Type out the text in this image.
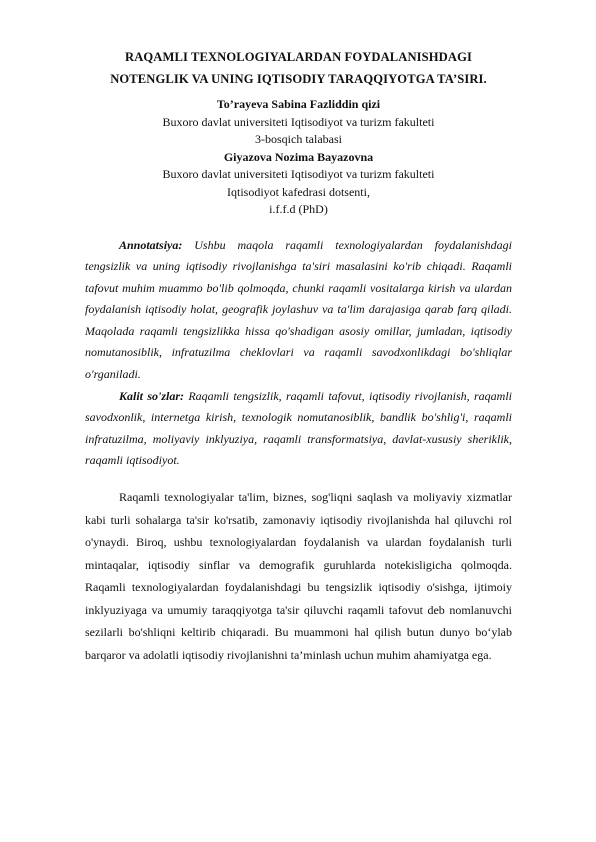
RAQAMLI TEXNOLOGIYALARDAN FOYDALANISHDAGI
NOTENGLIK VA UNING IQTISODIY TARAQQIYOTGA TA’SIRI.

To’rayeva Sabina Fazliddin qizi
Buxoro davlat universiteti Iqtisodiyot va turizm fakulteti
3-bosqich talabasi
Giyazova Nozima Bayazovna
Buxoro davlat universiteti Iqtisodiyot va turizm fakulteti
Iqtisodiyot kafedrasi dotsenti,
i.f.f.d (PhD)

Annotatsiya: Ushbu maqola raqamli texnologiyalardan foydalanishdagi tengsizlik va uning iqtisodiy rivojlanishga ta'siri masalasini ko'rib chiqadi. Raqamli tafovut muhim muammo bo'lib qolmoqda, chunki raqamli vositalarga kirish va ulardan foydalanish iqtisodiy holat, geografik joylashuv va ta'lim darajasiga qarab farq qiladi. Maqolada raqamli tengsizlikka hissa qo'shadigan asosiy omillar, jumladan, iqtisodiy nomutanosiblik, infratuzilma cheklovlari va raqamli savodxonlikdagi bo'shliqlar o'rganiladi.

Kalit so'zlar: Raqamli tengsizlik, raqamli tafovut, iqtisodiy rivojlanish, raqamli savodxonlik, internetga kirish, texnologik nomutanosiblik, bandlik bo'shlig'i, raqamli infratuzilma, moliyaviy inklyuziya, raqamli transformatsiya, davlat-xususiy sheriklik, raqamli iqtisodiyot.

Raqamli texnologiyalar ta'lim, biznes, sog'liqni saqlash va moliyaviy xizmatlar kabi turli sohalarga ta'sir ko'rsatib, zamonaviy iqtisodiy rivojlanishda hal qiluvchi rol o'ynaydi. Biroq, ushbu texnologiyalardan foydalanish va ulardan foydalanish turli mintaqalar, iqtisodiy sinflar va demografik guruhlarda notekisligicha qolmoqda. Raqamli texnologiyalardan foydalanishdagi bu tengsizlik iqtisodiy o'sishga, ijtimoiy inklyuziyaga va umumiy taraqqiyotga ta'sir qiluvchi raqamli tafovut deb nomlanuvchi sezilarli bo'shliqni keltirib chiqaradi. Bu muammoni hal qilish butun dunyo bo‘ylab barqaror va adolatli iqtisodiy rivojlanishni ta’minlash uchun muhim ahamiyatga ega.
